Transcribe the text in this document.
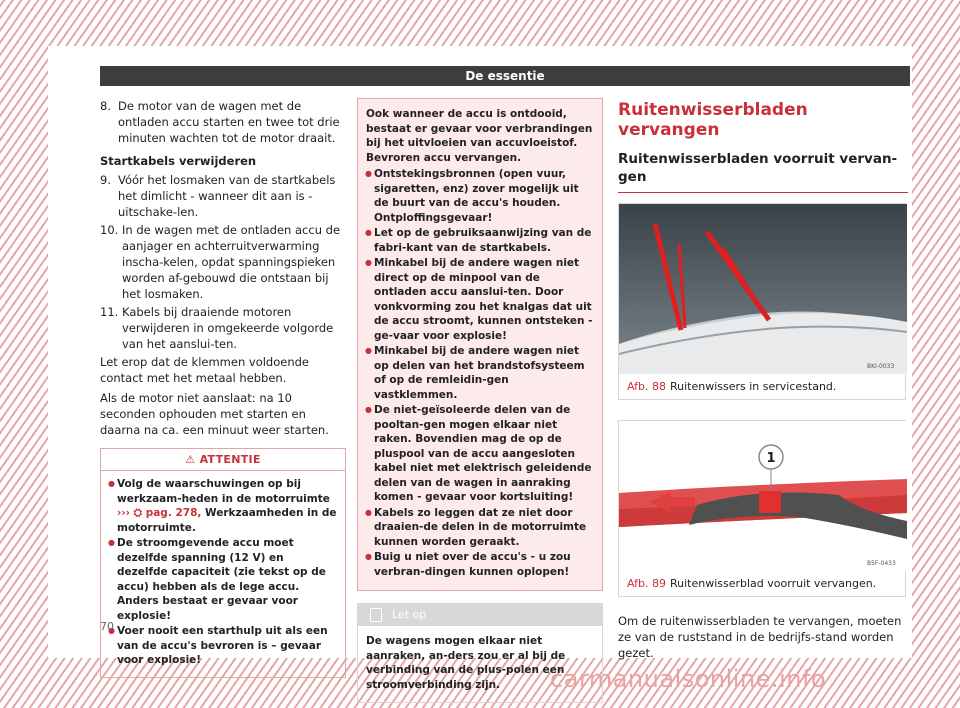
De essentie
8. De motor van de wagen met de ontladen accu starten en twee tot drie minuten wachten tot de motor draait.
Startkabels verwijderen
9. Vóór het losmaken van de startkabels het dimlicht - wanneer dit aan is - uitschake-len.
10. In de wagen met de ontladen accu de aanjager en achterruitverwarming inscha-kelen, opdat spanningspieken worden af-gebouwd die ontstaan bij het losmaken.
11. Kabels bij draaiende motoren verwijderen in omgekeerde volgorde van het aanslui-ten.

Let erop dat de klemmen voldoende contact met het metaal hebben.

Als de motor niet aanslaat: na 10 seconden ophouden met starten en daarna na ca. een minuut weer starten.

⚠ ATTENTIE
● Volg de waarschuwingen op bij werkzaam-heden in de motorruimte ››› ⛭ pag. 278, Werkzaamheden in de motorruimte.
● De stroomgevende accu moet dezelfde spanning (12 V) en dezelfde capaciteit (zie tekst op de accu) hebben als de lege accu. Anders bestaat er gevaar voor explosie!
● Voer nooit een starthulp uit als een van de accu's bevroren is – gevaar voor explosie!
Ook wanneer de accu is ontdooid, bestaat er gevaar voor verbrandingen bij het uitvloeien van accuvloeistof. Bevroren accu vervangen.
● Ontstekingsbronnen (open vuur, sigaretten, enz) zover mogelijk uit de buurt van de accu's houden. Ontploffingsgevaar!
● Let op de gebruiksaanwijzing van de fabri-kant van de startkabels.
● Minkabel bij de andere wagen niet direct op de minpool van de ontladen accu aanslui-ten. Door vonkvorming zou het knalgas dat uit de accu stroomt, kunnen ontsteken - ge-vaar voor explosie!
● Minkabel bij de andere wagen niet op delen van het brandstofsysteem of op de remleidin-gen vastklemmen.
● De niet-geïsoleerde delen van de pooltan-gen mogen elkaar niet raken. Bovendien mag de op de pluspool van de accu aangesloten kabel niet met elektrisch geleidende delen van de wagen in aanraking komen - gevaar voor kortsluiting!
● Kabels zo leggen dat ze niet door draaien-de delen in de motorruimte kunnen worden geraakt.
● Buig u niet over de accu's - u zou verbran-dingen kunnen oplopen!
Let op
De wagens mogen elkaar niet aanraken, an-ders zou er al bij de verbinding van de plus-polen een stroomverbinding zijn.
Ruitenwisserbladen vervangen
Ruitenwisserbladen voorruit vervan-gen
BKI-0033
Afb. 88 Ruitenwissers in servicestand.
1
B5F-0433
Afb. 89 Ruitenwisserblad voorruit vervangen.

Om de ruitenwisserbladen te vervangen, moeten ze van de ruststand in de bedrijfs-stand worden gezet.

70
carmanualsonline.info
